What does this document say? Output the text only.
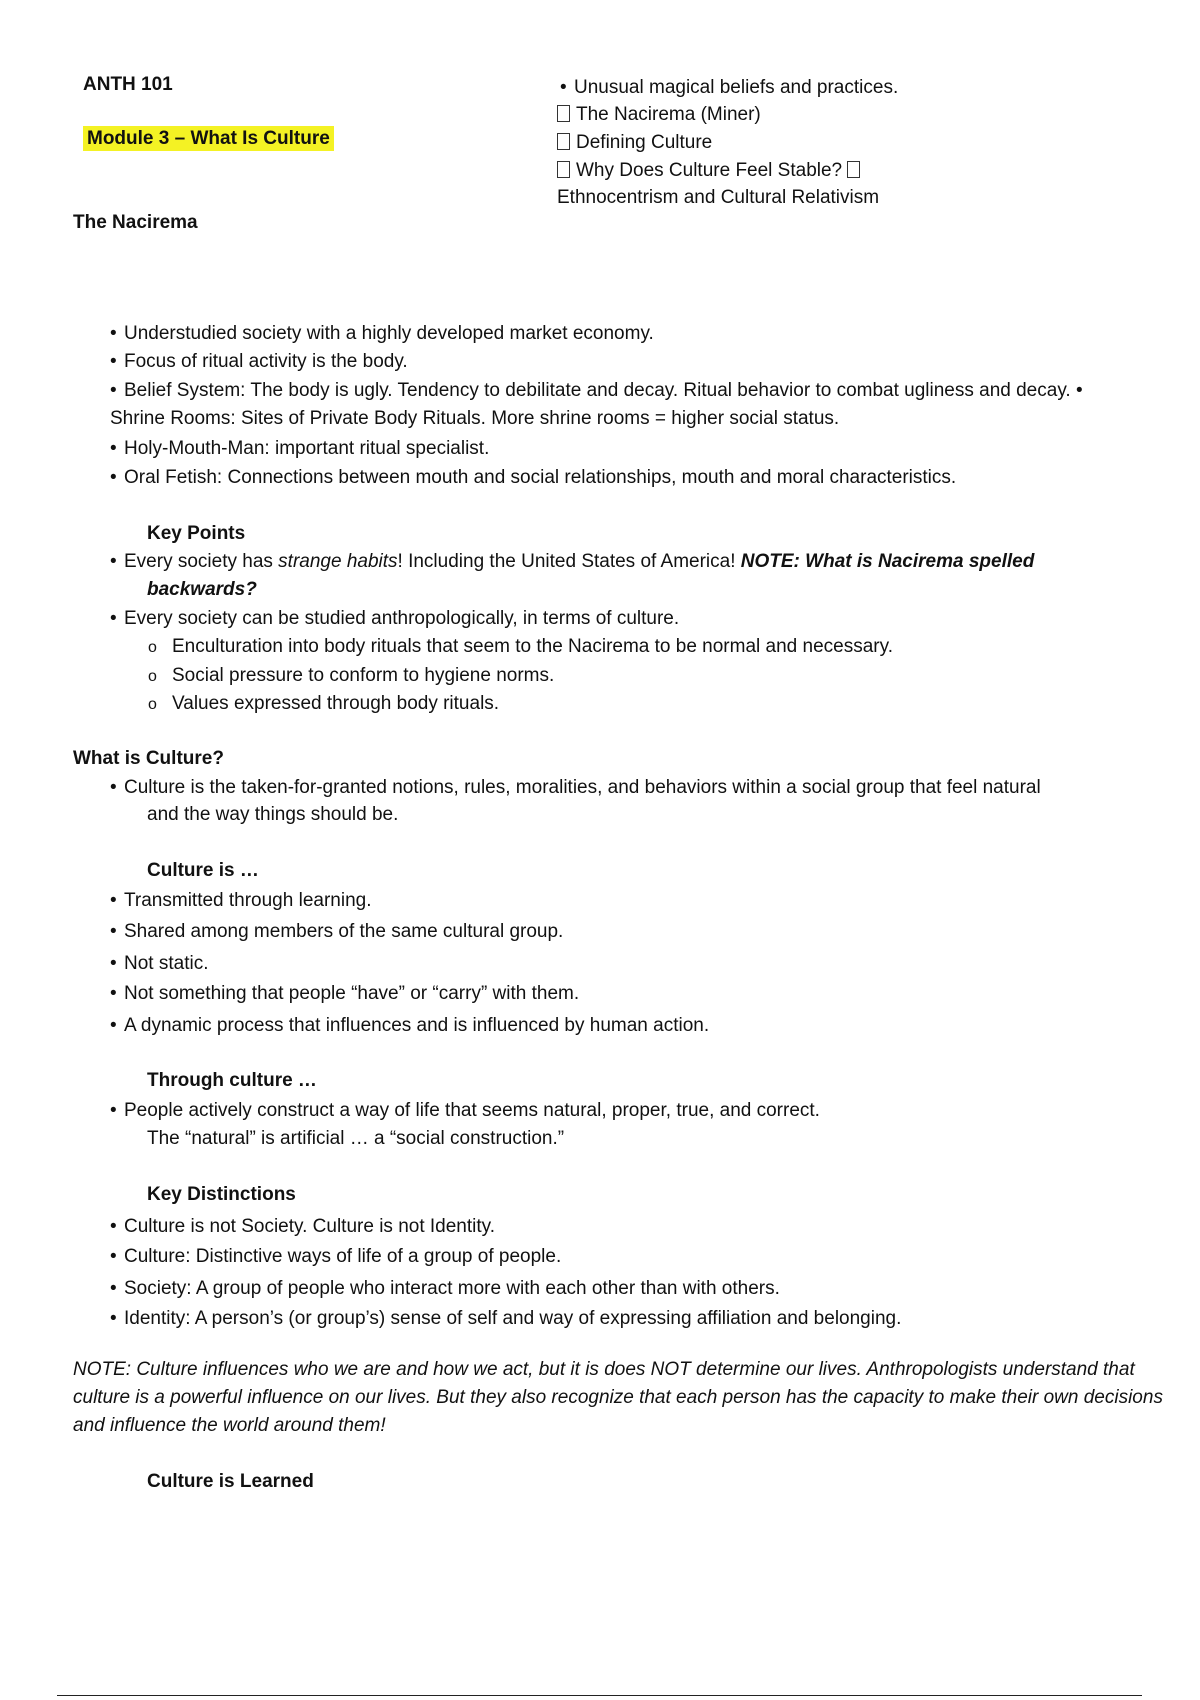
ANTH 101
Module 3 – What Is Culture
The Nacirema
• Unusual magical beliefs and practices.
The Nacirema (Miner)
Defining Culture
Why Does Culture Feel Stable?
Ethnocentrism and Cultural Relativism
• Understudied society with a highly developed market economy.
• Focus of ritual activity is the body.
• Belief System: The body is ugly. Tendency to debilitate and decay. Ritual behavior to combat ugliness and decay. •
Shrine Rooms: Sites of Private Body Rituals. More shrine rooms = higher social status.
• Holy-Mouth-Man: important ritual specialist.
• Oral Fetish: Connections between mouth and social relationships, mouth and moral characteristics.
Key Points
• Every society has strange habits! Including the United States of America! NOTE: What is Nacirema spelled
backwards?
• Every society can be studied anthropologically, in terms of culture.
o Enculturation into body rituals that seem to the Nacirema to be normal and necessary.
o Social pressure to conform to hygiene norms.
o Values expressed through body rituals.
What is Culture?
• Culture is the taken-for-granted notions, rules, moralities, and behaviors within a social group that feel natural
and the way things should be.
Culture is …
• Transmitted through learning.
• Shared among members of the same cultural group.
• Not static.
• Not something that people “have” or “carry” with them.
• A dynamic process that influences and is influenced by human action.
Through culture …
• People actively construct a way of life that seems natural, proper, true, and correct.
The “natural” is artificial … a “social construction.”
Key Distinctions
• Culture is not Society. Culture is not Identity.
• Culture: Distinctive ways of life of a group of people.
• Society: A group of people who interact more with each other than with others.
• Identity: A person’s (or group’s) sense of self and way of expressing affiliation and belonging.
NOTE: Culture influences who we are and how we act, but it is does NOT determine our lives. Anthropologists understand that culture is a powerful influence on our lives. But they also recognize that each person has the capacity to make their own decisions and influence the world around them!
Culture is Learned
